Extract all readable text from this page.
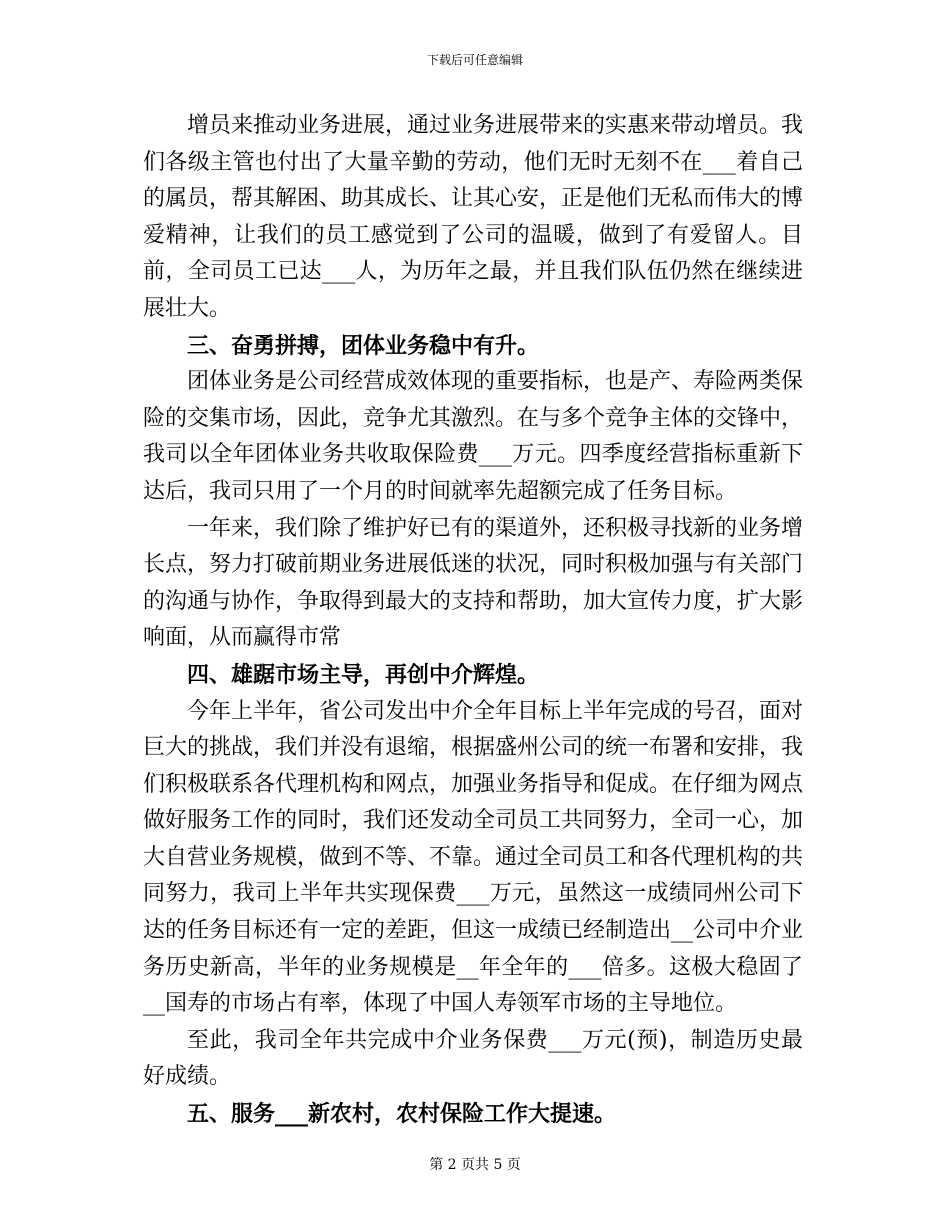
下载后可任意编辑

增员来推动业务进展，通过业务进展带来的实惠来带动增员。我们各级主管也付出了大量辛勤的劳动，他们无时无刻不在___着自己的属员，帮其解困、助其成长、让其心安，正是他们无私而伟大的博爱精神，让我们的员工感觉到了公司的温暖，做到了有爱留人。目前，全司员工已达___人，为历年之最，并且我们队伍仍然在继续进展壮大。

三、奋勇拼搏，团体业务稳中有升。

团体业务是公司经营成效体现的重要指标，也是产、寿险两类保险的交集市场，因此，竞争尤其激烈。在与多个竞争主体的交锋中，我司以全年团体业务共收取保险费___万元。四季度经营指标重新下达后，我司只用了一个月的时间就率先超额完成了任务目标。

一年来，我们除了维护好已有的渠道外，还积极寻找新的业务增长点，努力打破前期业务进展低迷的状况，同时积极加强与有关部门的沟通与协作，争取得到最大的支持和帮助，加大宣传力度，扩大影响面，从而赢得市常

四、雄踞市场主导，再创中介辉煌。

今年上半年，省公司发出中介全年目标上半年完成的号召，面对巨大的挑战，我们并没有退缩，根据盛州公司的统一布署和安排，我们积极联系各代理机构和网点，加强业务指导和促成。在仔细为网点做好服务工作的同时，我们还发动全司员工共同努力，全司一心，加大自营业务规模，做到不等、不靠。通过全司员工和各代理机构的共同努力，我司上半年共实现保费___万元，虽然这一成绩同州公司下达的任务目标还有一定的差距，但这一成绩已经制造出__公司中介业务历史新高，半年的业务规模是__年全年的___倍多。这极大稳固了__国寿的市场占有率，体现了中国人寿领军市场的主导地位。

至此，我司全年共完成中介业务保费___万元(预)，制造历史最好成绩。

五、服务___新农村，农村保险工作大提速。

第 2 页共 5 页
